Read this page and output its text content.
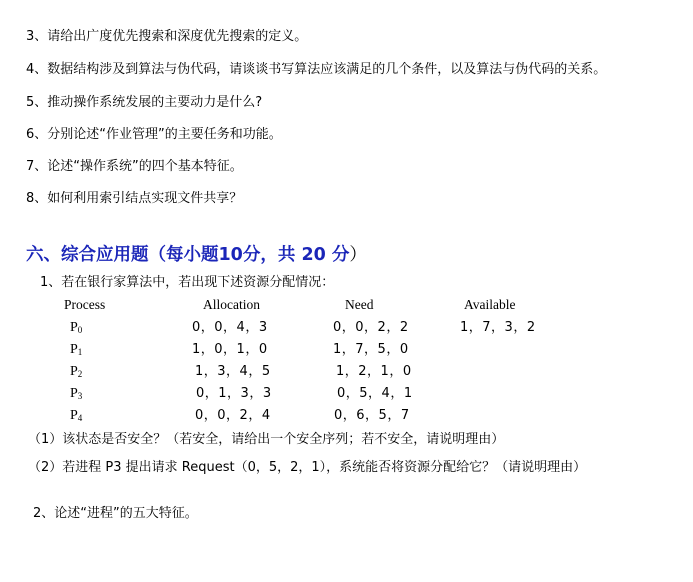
3、请给出广度优先搜索和深度优先搜索的定义。
4、数据结构涉及到算法与伪代码，请谈谈书写算法应该满足的几个条件，以及算法与伪代码的关系。
5、推动操作系统发展的主要动力是什么?
6、分别论述“作业管理”的主要任务和功能。
7、论述“操作系统”的四个基本特征。
8、如何利用索引结点实现文件共享？
六、综合应用题（每小题10分，共 20 分）
1、若在银行家算法中，若出现下述资源分配情况：
Process	Allocation	Need	Available
$P_0$	0，0，4，3	0，0，2，2	1，7，3，2
$P_1$	1，0，1，0	1，7，5，0
$P_2$	1，3，4，5	1，2，1，0
$P_3$	0，1，3，3	0，5，4，1
$P_4$	0，0，2，4	0，6，5，7
（1）该状态是否安全？（若安全，请给出一个安全序列；若不安全，请说明理由）
（2）若进程 P3 提出请求 Request（0，5，2，1），系统能否将资源分配给它？（请说明理由）
2、论述“进程”的五大特征。
